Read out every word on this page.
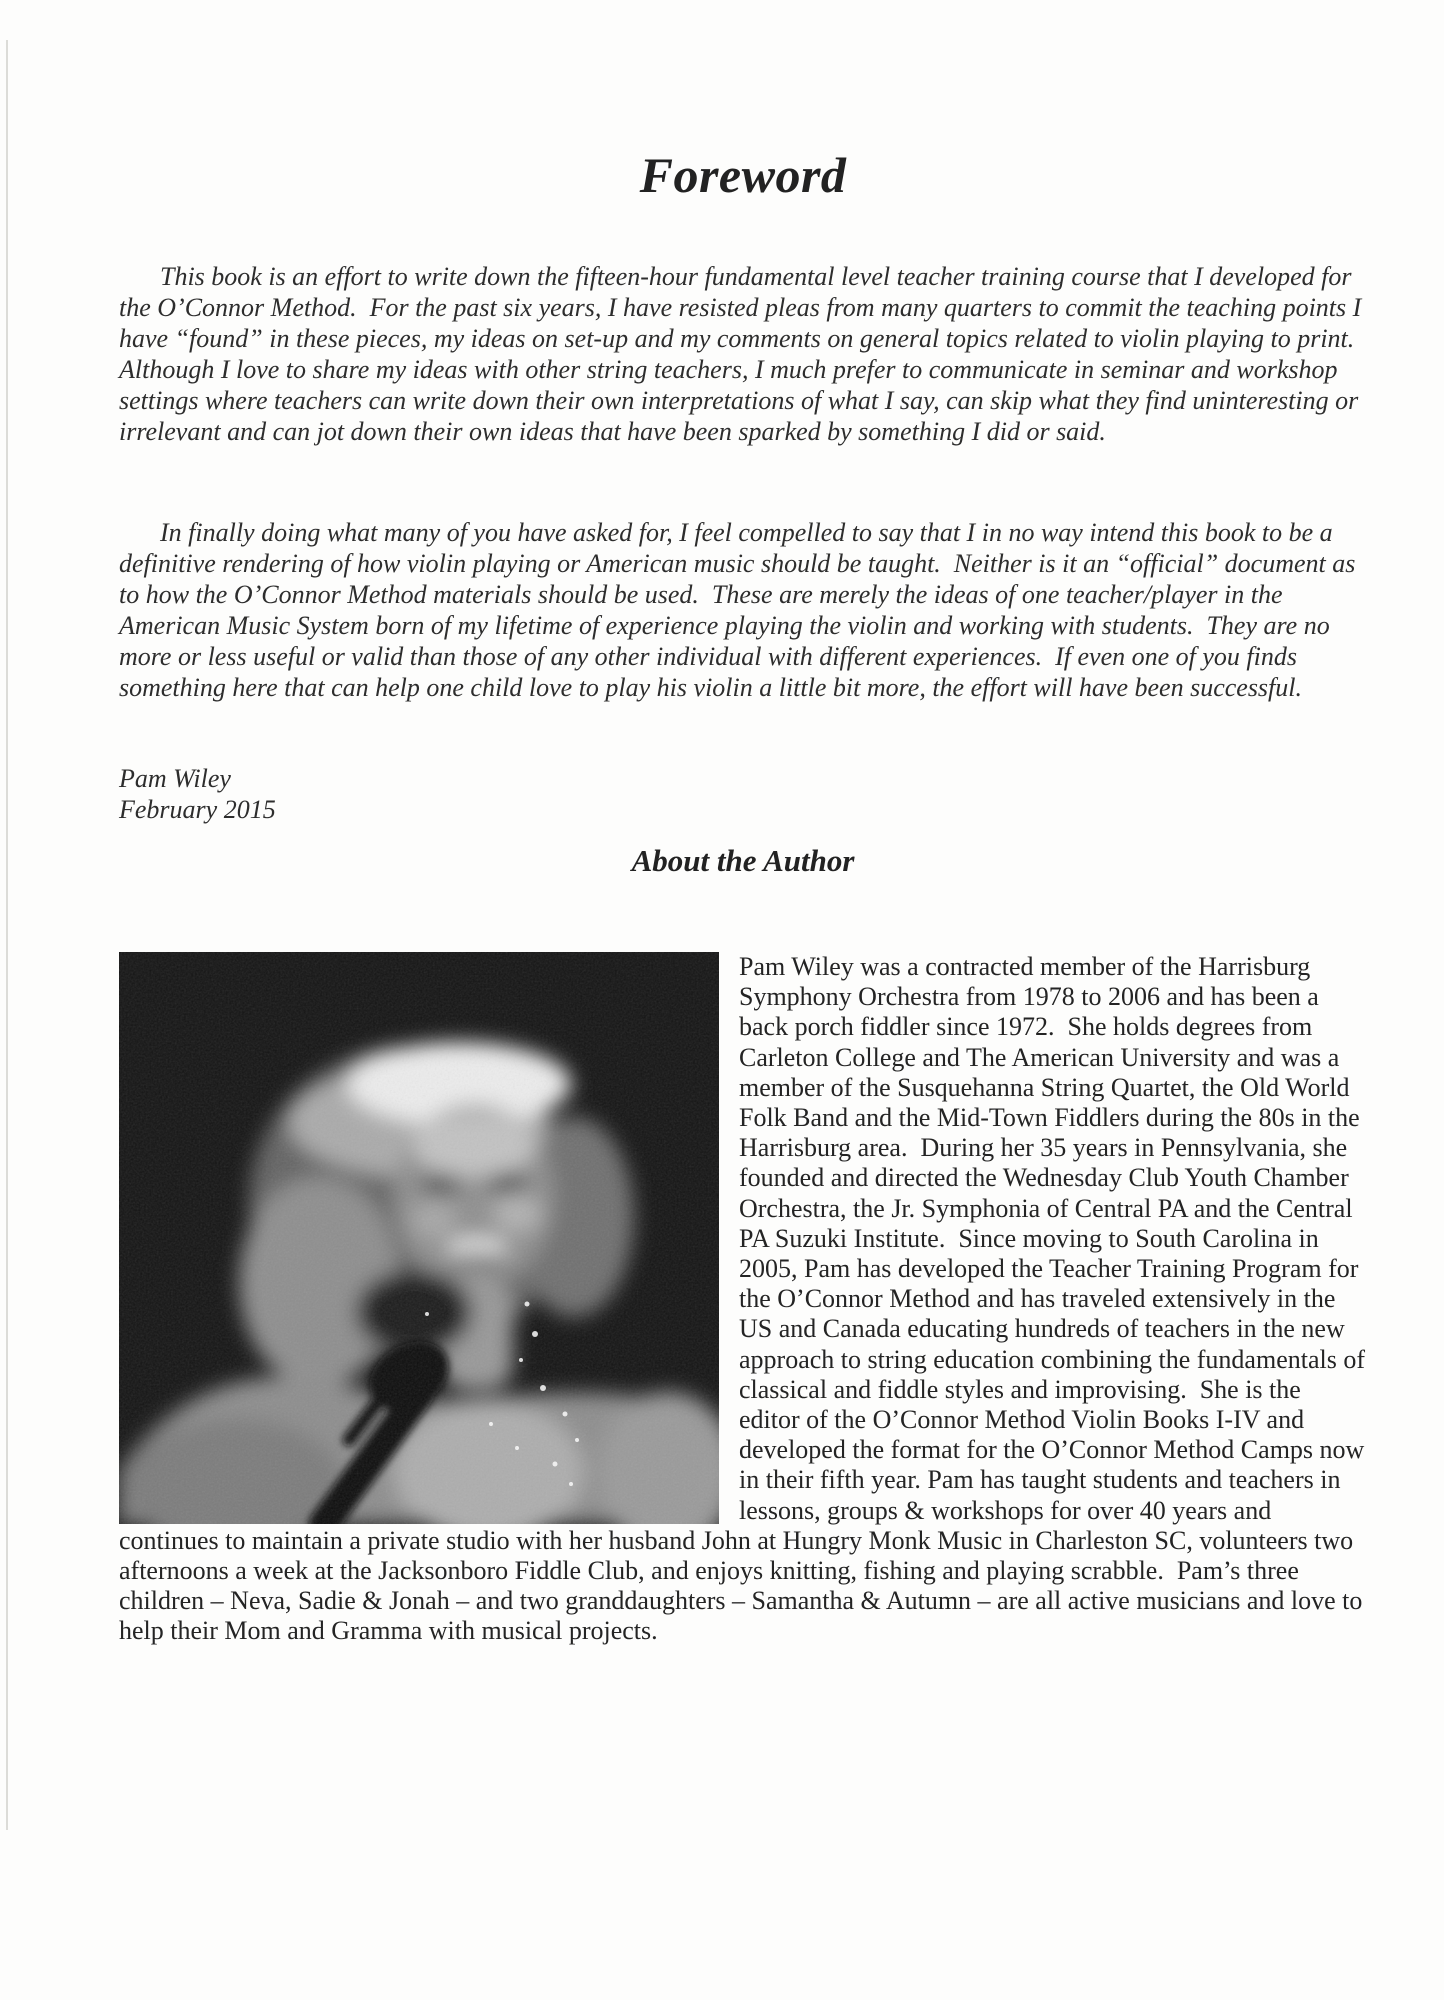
Foreword

This book is an effort to write down the fifteen-hour fundamental level teacher training course that I developed for the O’Connor Method.  For the past six years, I have resisted pleas from many quarters to commit the teaching points I have “found” in these pieces, my ideas on set-up and my comments on general topics related to violin playing to print.  Although I love to share my ideas with other string teachers, I much prefer to communicate in seminar and workshop settings where teachers can write down their own interpretations of what I say, can skip what they find uninteresting or irrelevant and can jot down their own ideas that have been sparked by something I did or said.

In finally doing what many of you have asked for, I feel compelled to say that I in no way intend this book to be a definitive rendering of how violin playing or American music should be taught.  Neither is it an “official” document as to how the O’Connor Method materials should be used.  These are merely the ideas of one teacher/player in the American Music System born of my lifetime of experience playing the violin and working with students.  They are no more or less useful or valid than those of any other individual with different experiences.  If even one of you finds something here that can help one child love to play his violin a little bit more, the effort will have been successful.

Pam Wiley
February 2015
About the Author

Pam Wiley was a contracted member of the Harrisburg Symphony Orchestra from 1978 to 2006 and has been a back porch fiddler since 1972.  She holds degrees from Carleton College and The American University and was a member of the Susquehanna String Quartet, the Old World Folk Band and the Mid-Town Fiddlers during the 80s in the Harrisburg area.  During her 35 years in Pennsylvania, she founded and directed the Wednesday Club Youth Chamber Orchestra, the Jr. Symphonia of Central PA and the Central PA Suzuki Institute.  Since moving to South Carolina in 2005, Pam has developed the Teacher Training Program for the O’Connor Method and has traveled extensively in the US and Canada educating hundreds of teachers in the new approach to string education combining the fundamentals of classical and fiddle styles and improvising.  She is the editor of the O’Connor Method Violin Books I-IV and developed the format for the O’Connor Method Camps now in their fifth year. Pam has taught students and teachers in lessons, groups & workshops for over 40 years and continues to maintain a private studio with her husband John at Hungry Monk Music in Charleston SC, volunteers two afternoons a week at the Jacksonboro Fiddle Club, and enjoys knitting, fishing and playing scrabble.  Pam’s three children – Neva, Sadie & Jonah – and two granddaughters – Samantha & Autumn – are all active musicians and love to help their Mom and Gramma with musical projects.
